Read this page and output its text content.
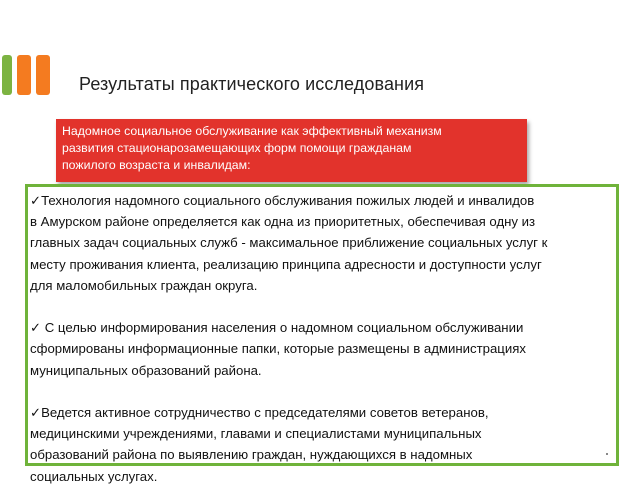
Результаты практического исследования
Надомное социальное обслуживание как эффективный механизм
развития стационарозамещающих форм помощи гражданам
пожилого возраста и инвалидам:
✓Технология надомного социального обслуживания пожилых людей и инвалидов
в Амурском районе определяется как одна из приоритетных, обеспечивая одну из
главных задач социальных служб - максимальное приближение социальных услуг к
месту проживания клиента, реализацию принципа адресности и доступности услуг
для маломобильных граждан округа.
✓ С целью информирования населения о надомном социальном обслуживании
сформированы информационные папки, которые размещены в администрациях
муниципальных образований района.
✓Ведется активное сотрудничество с председателями советов ветеранов,
медицинскими учреждениями, главами и специалистами муниципальных
образований района по выявлению граждан, нуждающихся в надомных
социальных услугах.
